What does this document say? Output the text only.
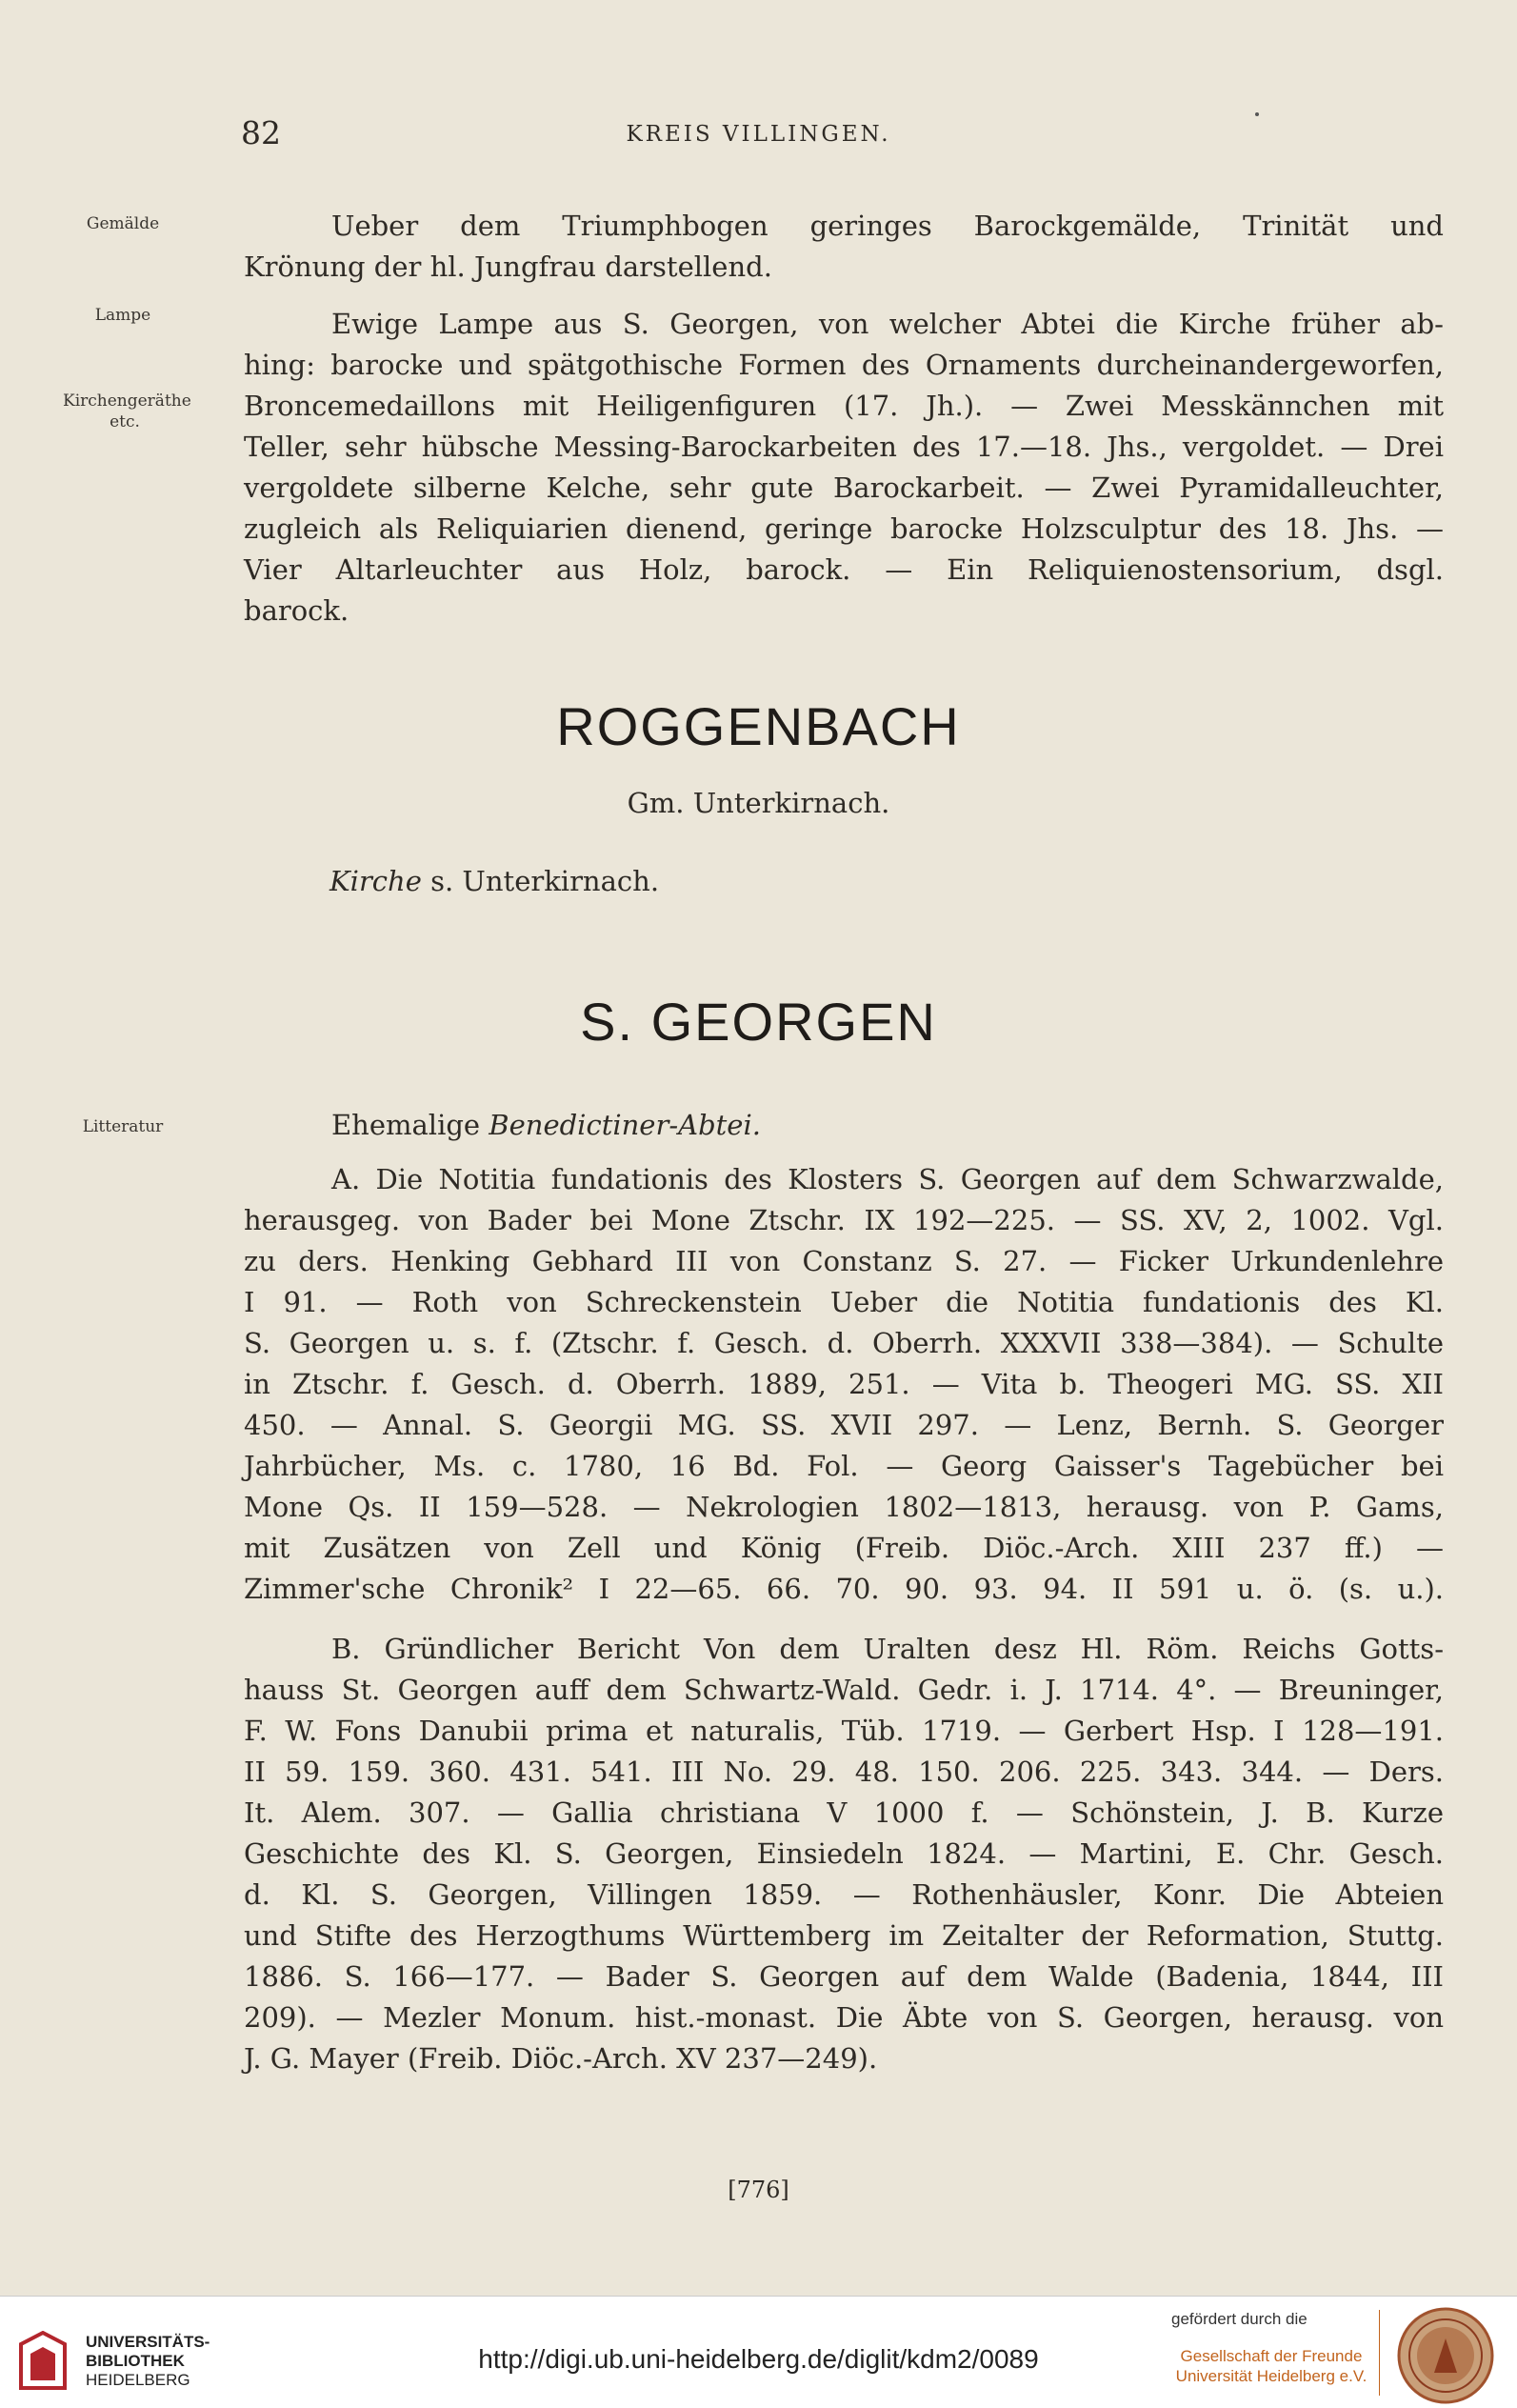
82	KREIS VILLINGEN.
Gemälde
Lampe
Kirchengeräthe
etc.
Litteratur
Ueber dem Triumphbogen geringes Barockgemälde, Trinität und
Krönung der hl. Jungfrau darstellend.
Ewige Lampe aus S. Georgen, von welcher Abtei die Kirche früher ab-
hing: barocke und spätgothische Formen des Ornaments durcheinandergeworfen,
Broncemedaillons mit Heiligenfiguren (17. Jh.). — Zwei Messkännchen mit
Teller, sehr hübsche Messing-Barockarbeiten des 17.—18. Jhs., vergoldet. — Drei
vergoldete silberne Kelche, sehr gute Barockarbeit. — Zwei Pyramidalleuchter,
zugleich als Reliquiarien dienend, geringe barocke Holzsculptur des 18. Jhs. —
Vier Altarleuchter aus Holz, barock. — Ein Reliquienostensorium, dsgl.
barock.
ROGGENBACH
Gm. Unterkirnach.
Kirche s. Unterkirnach.
S. GEORGEN
Ehemalige Benedictiner-Abtei.
A. Die Notitia fundationis des Klosters S. Georgen auf dem Schwarzwalde,
herausgeg. von Bader bei Mone Ztschr. IX 192—225. — SS. XV, 2, 1002. Vgl.
zu ders. Henking Gebhard III von Constanz S. 27. — Ficker Urkundenlehre
I 91. — Roth von Schreckenstein Ueber die Notitia fundationis des Kl.
S. Georgen u. s. f. (Ztschr. f. Gesch. d. Oberrh. XXXVII 338—384). — Schulte
in Ztschr. f. Gesch. d. Oberrh. 1889, 251. — Vita b. Theogeri MG. SS. XII
450. — Annal. S. Georgii MG. SS. XVII 297. — Lenz, Bernh. S. Georger
Jahrbücher, Ms. c. 1780, 16 Bd. Fol. — Georg Gaisser's Tagebücher bei
Mone Qs. II 159—528. — Nekrologien 1802—1813, herausg. von P. Gams,
mit Zusätzen von Zell und König (Freib. Diöc.-Arch. XIII 237 ff.) —
Zimmer'sche Chronik² I 22—65. 66. 70. 90. 93. 94. II 591 u. ö. (s. u.).
B. Gründlicher Bericht Von dem Uralten desz Hl. Röm. Reichs Gotts-
hauss St. Georgen auff dem Schwartz-Wald. Gedr. i. J. 1714. 4°. — Breuninger,
F. W. Fons Danubii prima et naturalis, Tüb. 1719. — Gerbert Hsp. I 128—191.
II 59. 159. 360. 431. 541. III No. 29. 48. 150. 206. 225. 343. 344. — Ders.
It. Alem. 307. — Gallia christiana V 1000 f. — Schönstein, J. B. Kurze
Geschichte des Kl. S. Georgen, Einsiedeln 1824. — Martini, E. Chr. Gesch.
d. Kl. S. Georgen, Villingen 1859. — Rothenhäusler, Konr. Die Abteien
und Stifte des Herzogthums Württemberg im Zeitalter der Reformation, Stuttg.
1886. S. 166—177. — Bader S. Georgen auf dem Walde (Badenia, 1844, III
209). — Mezler Monum. hist.-monast. Die Äbte von S. Georgen, herausg. von
J. G. Mayer (Freib. Diöc.-Arch. XV 237—249).
[776]
UNIVERSITÄTS-
BIBLIOTHEK
HEIDELBERG
http://digi.ub.uni-heidelberg.de/diglit/kdm2/0089
gefördert durch die
Gesellschaft der Freunde
Universität Heidelberg e.V.
